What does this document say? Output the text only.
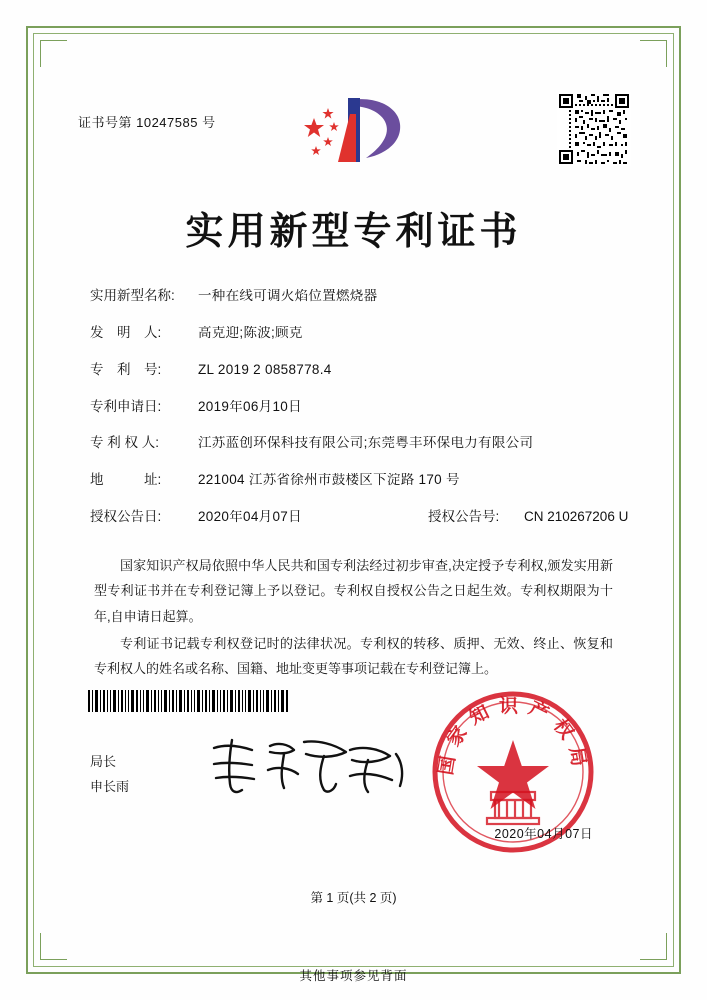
证书号第 10247585 号
实用新型专利证书
实用新型名称:	一种在线可调火焰位置燃烧器
发　明　人:	高克迎;陈波;顾克
专　利　号:	ZL 2019 2 0858778.4
专利申请日:	2019年06月10日
专 利 权 人:	江苏蓝创环保科技有限公司;东莞粤丰环保电力有限公司
地　　　址:	221004 江苏省徐州市鼓楼区下淀路 170 号
授权公告日:	2020年04月07日	授权公告号:	CN 210267206 U

国家知识产权局依照中华人民共和国专利法经过初步审查,决定授予专利权,颁发实用新型专利证书并在专利登记簿上予以登记。专利权自授权公告之日起生效。专利权期限为十年,自申请日起算。

专利证书记载专利权登记时的法律状况。专利权的转移、质押、无效、终止、恢复和专利权人的姓名或名称、国籍、地址变更等事项记载在专利登记簿上。

局长
申长雨
国家知识产权局
2020年04月07日
第 1 页(共 2 页)
其他事项参见背面
